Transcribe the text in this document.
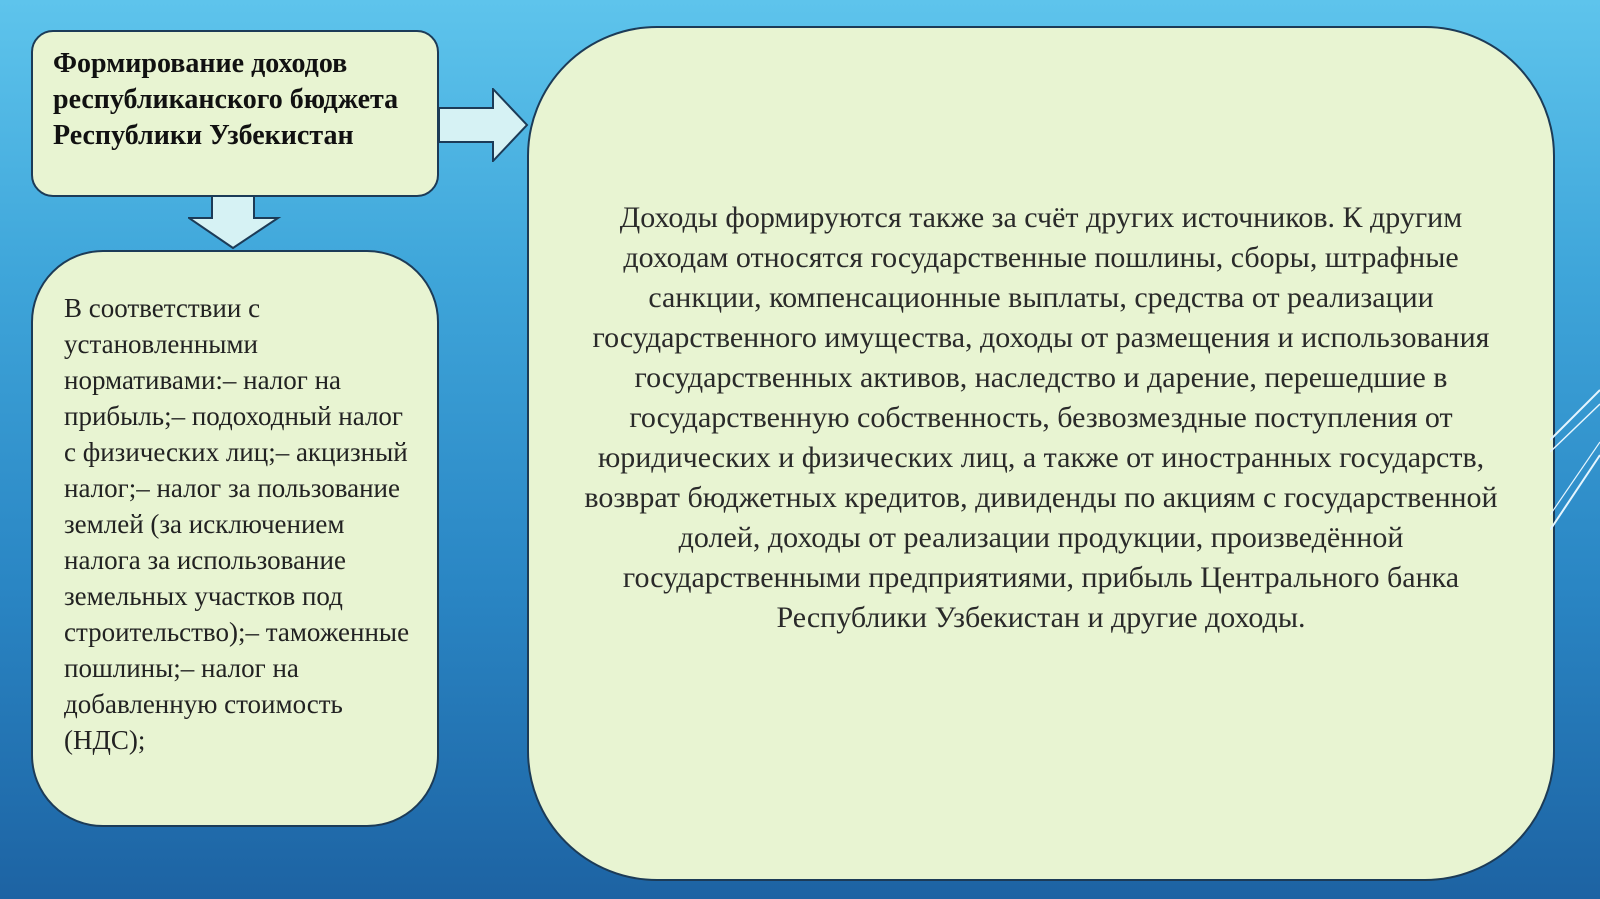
Формирование доходов республиканского бюджета Республики Узбекистан
В соответствии с установленными нормативами:– налог на прибыль;– подоходный налог с физических лиц;– акцизный налог;– налог за пользование землей (за исключением налога за использование земельных участков под строительство);– таможенные пошлины;– налог на добавленную стоимость (НДС);
Доходы формируются также за счёт других источников. К другим доходам относятся государственные пошлины, сборы, штрафные санкции, компенсационные выплаты, средства от реализации государственного имущества, доходы от размещения и использования государственных активов, наследство и дарение, перешедшие в государственную собственность, безвозмездные поступления от юридических и физических лиц, а также от иностранных государств, возврат бюджетных кредитов, дивиденды по акциям с государственной долей, доходы от реализации продукции, произведённой государственными предприятиями, прибыль Центрального банка Республики Узбекистан и другие доходы.
